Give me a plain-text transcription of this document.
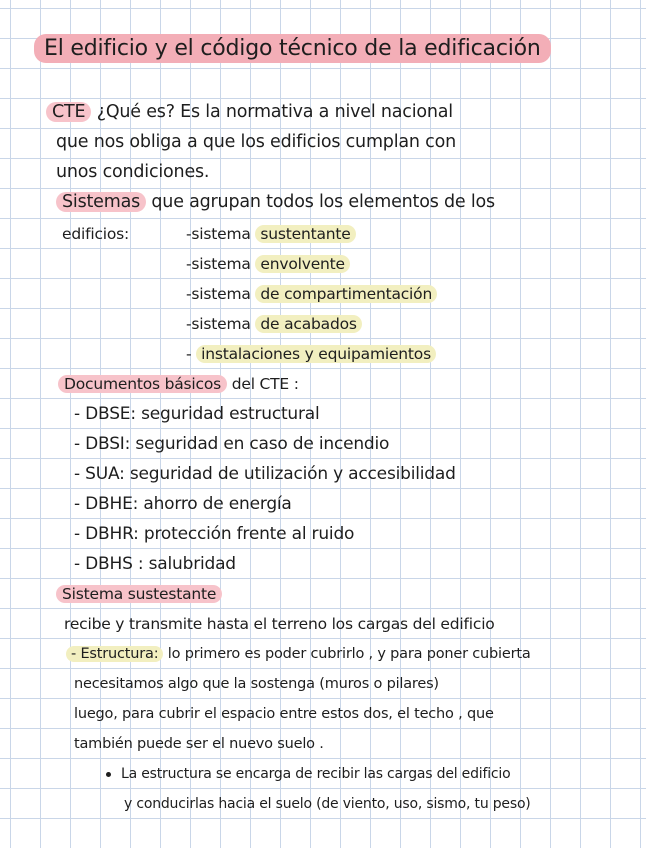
El edificio y el código técnico de la edificación
CTE ¿Qué es? Es la normativa a nivel nacional
que nos obliga a que los edificios cumplan con
unos condiciones.
Sistemas que agrupan todos los elementos de los
edificios:	-sistema sustentante
-sistema envolvente
-sistema de compartimentación
-sistema de acabados
- instalaciones y equipamientos
Documentos básicos del CTE :
- DBSE: seguridad estructural
- DBSI: seguridad en caso de incendio
- SUA: seguridad de utilización y accesibilidad
- DBHE: ahorro de energía
- DBHR: protección frente al ruido
- DBHS : salubridad
Sistema sustestante
recibe y transmite hasta el terreno los cargas del edificio
- Estructura: lo primero es poder cubrirlo , y para poner cubierta
necesitamos algo que la sostenga (muros o pilares)
luego, para cubrir el espacio entre estos dos, el techo , que
también puede ser el nuevo suelo .
La estructura se encarga de recibir las cargas del edificio
y conducirlas hacia el suelo (de viento, uso, sismo, tu peso)
